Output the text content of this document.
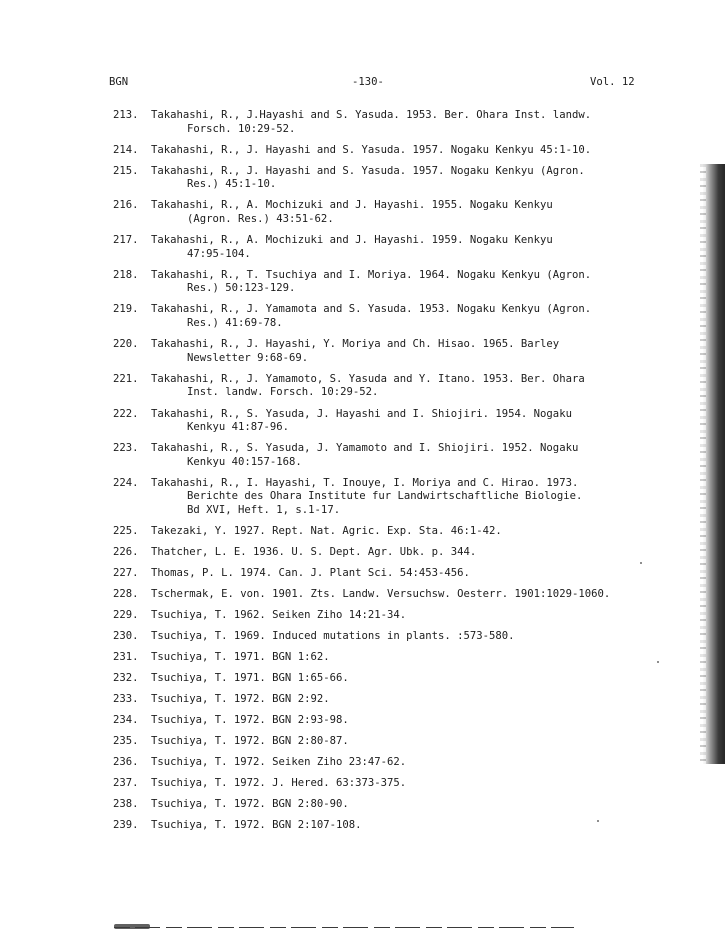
BGN	-130-	Vol. 12
213.	Takahashi, R., J.Hayashi and S. Yasuda. 1953. Ber. Ohara Inst. landw.
Forsch. 10:29-52.
214.	Takahashi, R., J. Hayashi and S. Yasuda. 1957. Nogaku Kenkyu 45:1-10.
215.	Takahashi, R., J. Hayashi and S. Yasuda. 1957. Nogaku Kenkyu (Agron.
Res.) 45:1-10.
216.	Takahashi, R., A. Mochizuki and J. Hayashi. 1955. Nogaku Kenkyu
(Agron. Res.) 43:51-62.
217.	Takahashi, R., A. Mochizuki and J. Hayashi. 1959. Nogaku Kenkyu
47:95-104.
218.	Takahashi, R., T. Tsuchiya and I. Moriya. 1964. Nogaku Kenkyu (Agron.
Res.) 50:123-129.
219.	Takahashi, R., J. Yamamota and S. Yasuda. 1953. Nogaku Kenkyu (Agron.
Res.) 41:69-78.
220.	Takahashi, R., J. Hayashi, Y. Moriya and Ch. Hisao. 1965. Barley
Newsletter 9:68-69.
221.	Takahashi, R., J. Yamamoto, S. Yasuda and Y. Itano. 1953. Ber. Ohara
Inst. landw. Forsch. 10:29-52.
222.	Takahashi, R., S. Yasuda, J. Hayashi and I. Shiojiri. 1954. Nogaku
Kenkyu 41:87-96.
223.	Takahashi, R., S. Yasuda, J. Yamamoto and I. Shiojiri. 1952. Nogaku
Kenkyu 40:157-168.
224.	Takahashi, R., I. Hayashi, T. Inouye, I. Moriya and C. Hirao. 1973.
Berichte des Ohara Institute fur Landwirtschaftliche Biologie.
Bd XVI, Heft. 1, s.1-17.
225.	Takezaki, Y. 1927. Rept. Nat. Agric. Exp. Sta. 46:1-42.
226.	Thatcher, L. E. 1936. U. S. Dept. Agr. Ubk. p. 344.
227.	Thomas, P. L. 1974. Can. J. Plant Sci. 54:453-456.
228.	Tschermak, E. von. 1901. Zts. Landw. Versuchsw. Oesterr. 1901:1029-1060.
229.	Tsuchiya, T. 1962. Seiken Ziho 14:21-34.
230.	Tsuchiya, T. 1969. Induced mutations in plants. :573-580.
231.	Tsuchiya, T. 1971. BGN 1:62.
232.	Tsuchiya, T. 1971. BGN 1:65-66.
233.	Tsuchiya, T. 1972. BGN 2:92.
234.	Tsuchiya, T. 1972. BGN 2:93-98.
235.	Tsuchiya, T. 1972. BGN 2:80-87.
236.	Tsuchiya, T. 1972. Seiken Ziho 23:47-62.
237.	Tsuchiya, T. 1972. J. Hered. 63:373-375.
238.	Tsuchiya, T. 1972. BGN 2:80-90.
239.	Tsuchiya, T. 1972. BGN 2:107-108.
